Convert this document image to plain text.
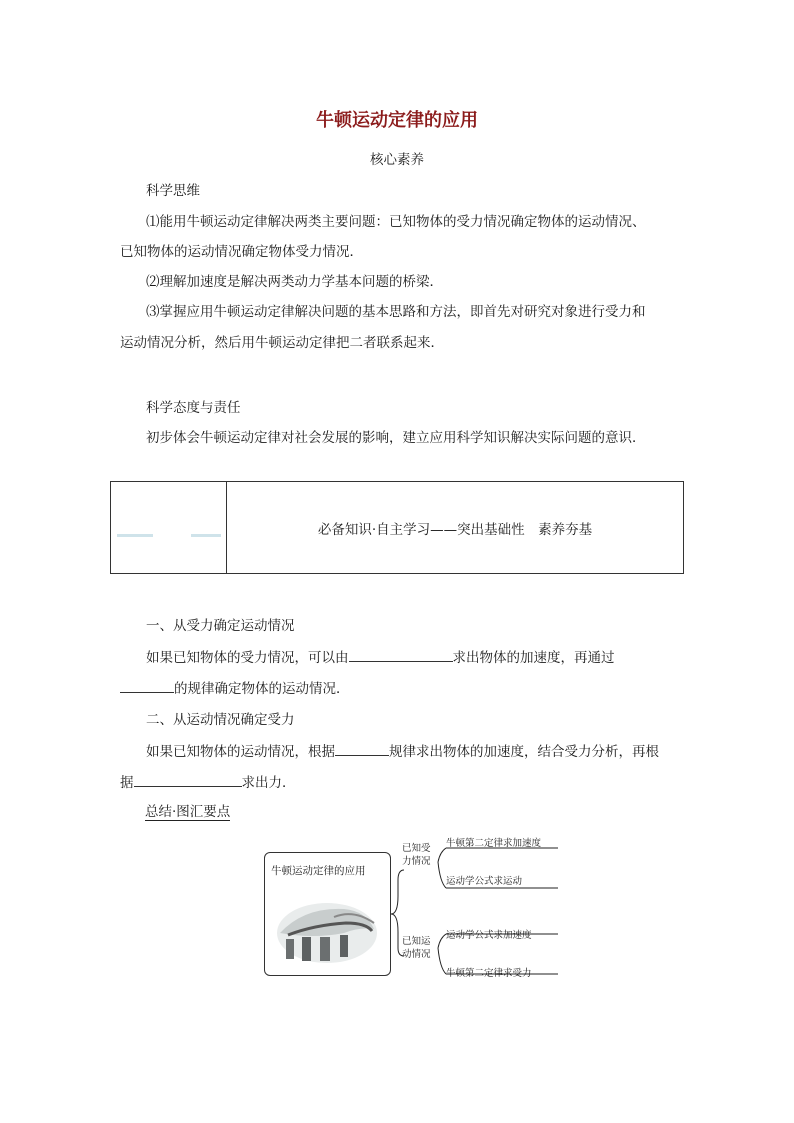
牛顿运动定律的应用
核心素养
科学思维
⑴能用牛顿运动定律解决两类主要问题：已知物体的受力情况确定物体的运动情况、
已知物体的运动情况确定物体受力情况．
⑵理解加速度是解决两类动力学基本问题的桥梁．
⑶掌握应用牛顿运动定律解决问题的基本思路和方法，即首先对研究对象进行受力和
运动情况分析，然后用牛顿运动定律把二者联系起来．
科学态度与责任
初步体会牛顿运动定律对社会发展的影响，建立应用科学知识解决实际问题的意识．
必备知识·自主学习——突出基础性　素养夯基
一、从受力确定运动情况
如果已知物体的受力情况，可以由	求出物体的加速度，再通过
的规律确定物体的运动情况．
二、从运动情况确定受力
如果已知物体的运动情况，根据	规律求出物体的加速度，结合受力分析，再根
据	求出力．
总结·图汇要点
牛顿运动定律的应用
已知受
力情况
牛顿第二定律求加速度
运动学公式求运动
已知运
动情况
运动学公式求加速度
牛顿第二定律求受力
